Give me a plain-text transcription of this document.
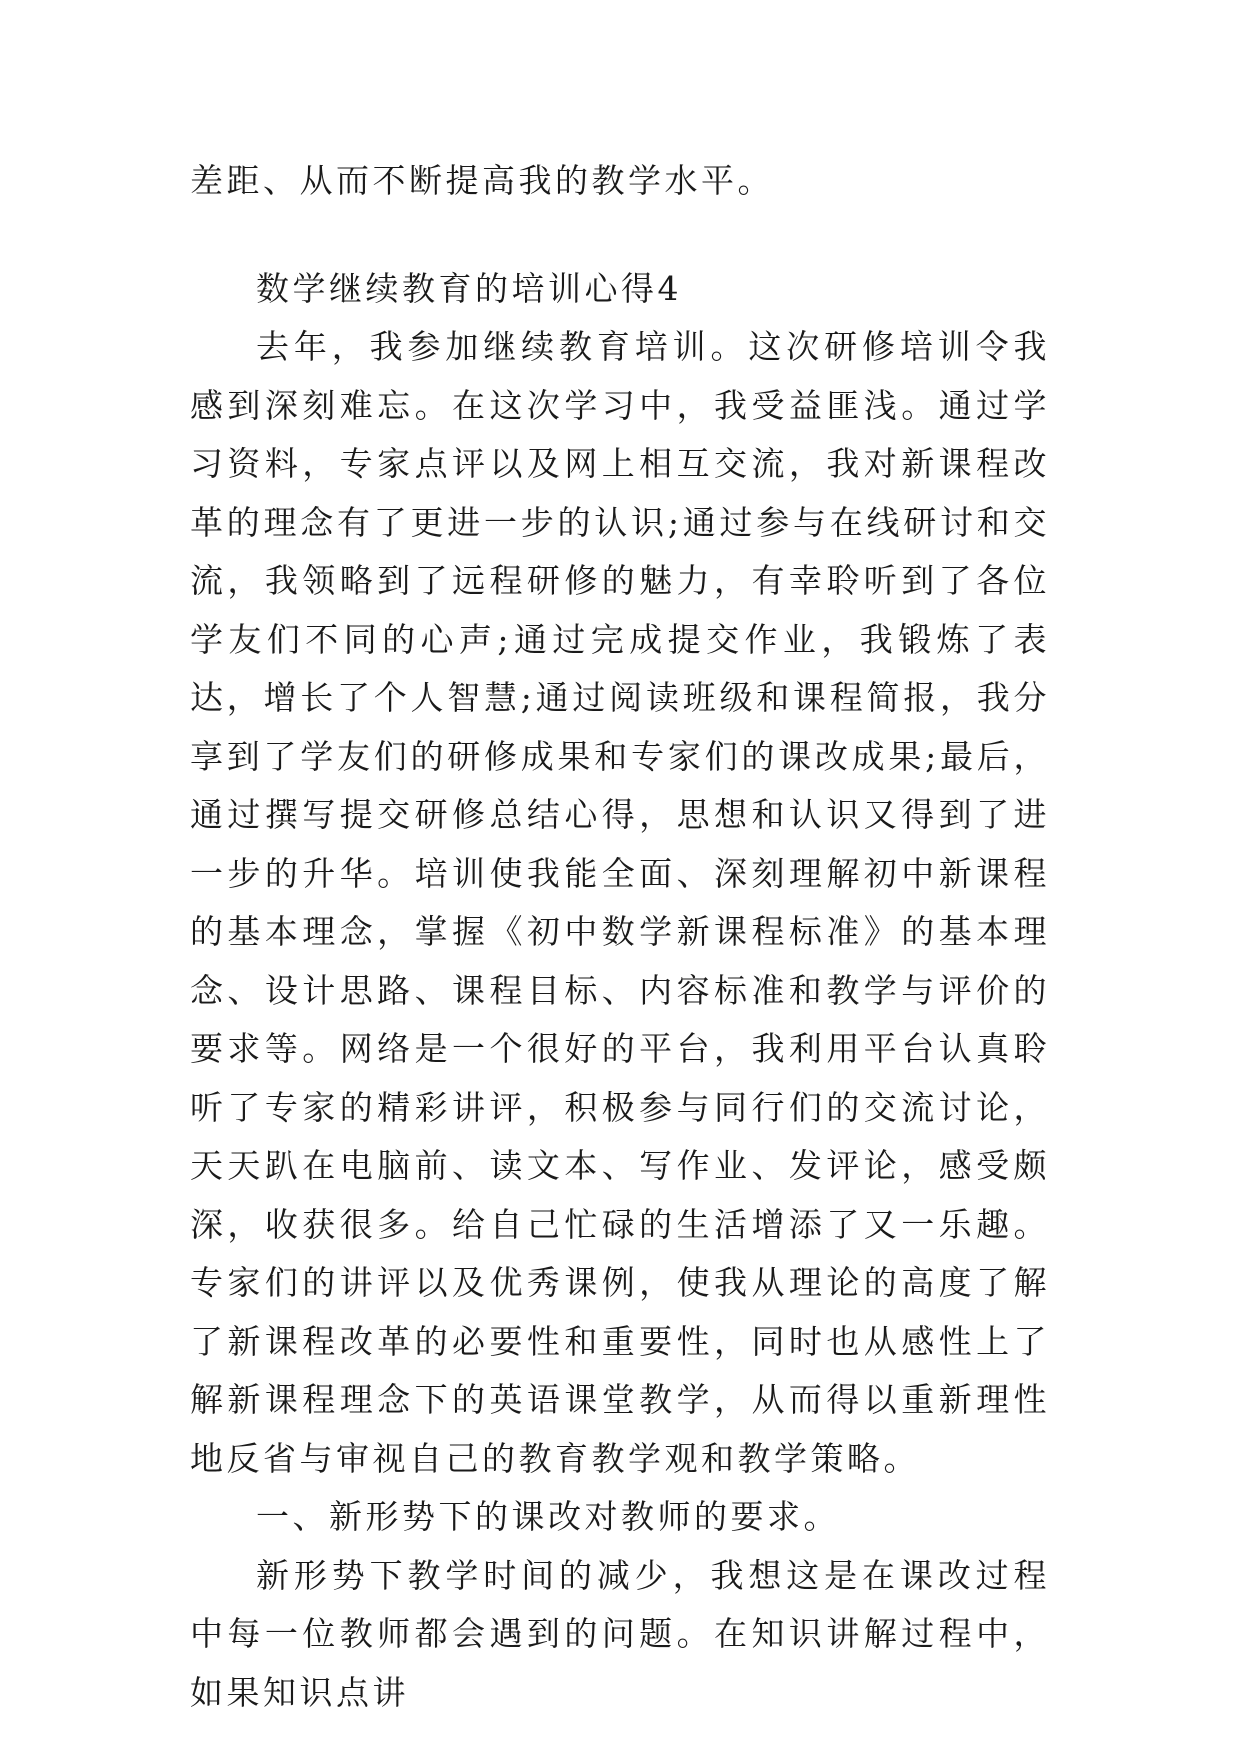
差距、从而不断提高我的教学水平。

数学继续教育的培训心得4

去年，我参加继续教育培训。这次研修培训令我感到深刻难忘。在这次学习中，我受益匪浅。通过学习资料，专家点评以及网上相互交流，我对新课程改革的理念有了更进一步的认识;通过参与在线研讨和交流，我领略到了远程研修的魅力，有幸聆听到了各位学友们不同的心声;通过完成提交作业，我锻炼了表达，增长了个人智慧;通过阅读班级和课程简报，我分享到了学友们的研修成果和专家们的课改成果;最后，通过撰写提交研修总结心得，思想和认识又得到了进一步的升华。培训使我能全面、深刻理解初中新课程的基本理念，掌握《初中数学新课程标准》的基本理念、设计思路、课程目标、内容标准和教学与评价的要求等。网络是一个很好的平台，我利用平台认真聆听了专家的精彩讲评，积极参与同行们的交流讨论，天天趴在电脑前、读文本、写作业、发评论，感受颇深，收获很多。给自己忙碌的生活增添了又一乐趣。专家们的讲评以及优秀课例，使我从理论的高度了解了新课程改革的必要性和重要性，同时也从感性上了解新课程理念下的英语课堂教学，从而得以重新理性地反省与审视自己的教育教学观和教学策略。

一、新形势下的课改对教师的要求。

新形势下教学时间的减少，我想这是在课改过程中每一位教师都会遇到的问题。在知识讲解过程中，如果知识点讲
